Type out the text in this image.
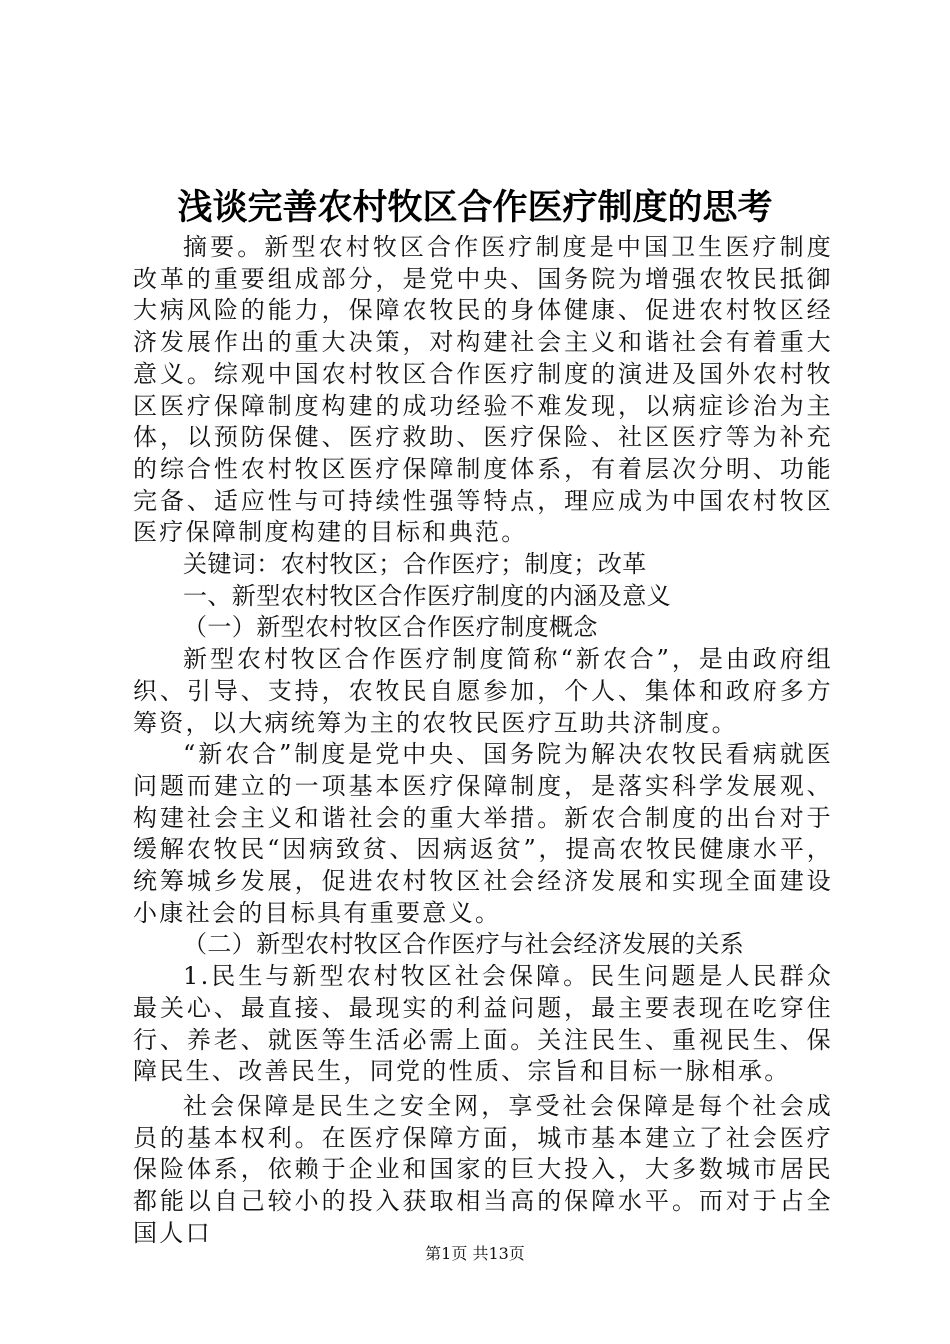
浅谈完善农村牧区合作医疗制度的思考

摘要。新型农村牧区合作医疗制度是中国卫生医疗制度改革的重要组成部分，是党中央、国务院为增强农牧民抵御大病风险的能力，保障农牧民的身体健康、促进农村牧区经济发展作出的重大决策，对构建社会主义和谐社会有着重大意义。综观中国农村牧区合作医疗制度的演进及国外农村牧区医疗保障制度构建的成功经验不难发现，以病症诊治为主体，以预防保健、医疗救助、医疗保险、社区医疗等为补充的综合性农村牧区医疗保障制度体系，有着层次分明、功能完备、适应性与可持续性强等特点，理应成为中国农村牧区医疗保障制度构建的目标和典范。

关键词：农村牧区；合作医疗；制度；改革

一、新型农村牧区合作医疗制度的内涵及意义

（一）新型农村牧区合作医疗制度概念

新型农村牧区合作医疗制度简称“新农合”，是由政府组织、引导、支持，农牧民自愿参加，个人、集体和政府多方筹资，以大病统筹为主的农牧民医疗互助共济制度。

“新农合”制度是党中央、国务院为解决农牧民看病就医问题而建立的一项基本医疗保障制度，是落实科学发展观、构建社会主义和谐社会的重大举措。新农合制度的出台对于缓解农牧民“因病致贫、因病返贫”，提高农牧民健康水平，统筹城乡发展，促进农村牧区社会经济发展和实现全面建设小康社会的目标具有重要意义。

（二）新型农村牧区合作医疗与社会经济发展的关系

1.民生与新型农村牧区社会保障。民生问题是人民群众最关心、最直接、最现实的利益问题，最主要表现在吃穿住行、养老、就医等生活必需上面。关注民生、重视民生、保障民生、改善民生，同党的性质、宗旨和目标一脉相承。

社会保障是民生之安全网，享受社会保障是每个社会成员的基本权利。在医疗保障方面，城市基本建立了社会医疗保险体系，依赖于企业和国家的巨大投入，大多数城市居民都能以自己较小的投入获取相当高的保障水平。而对于占全国人口

第1页 共13页
